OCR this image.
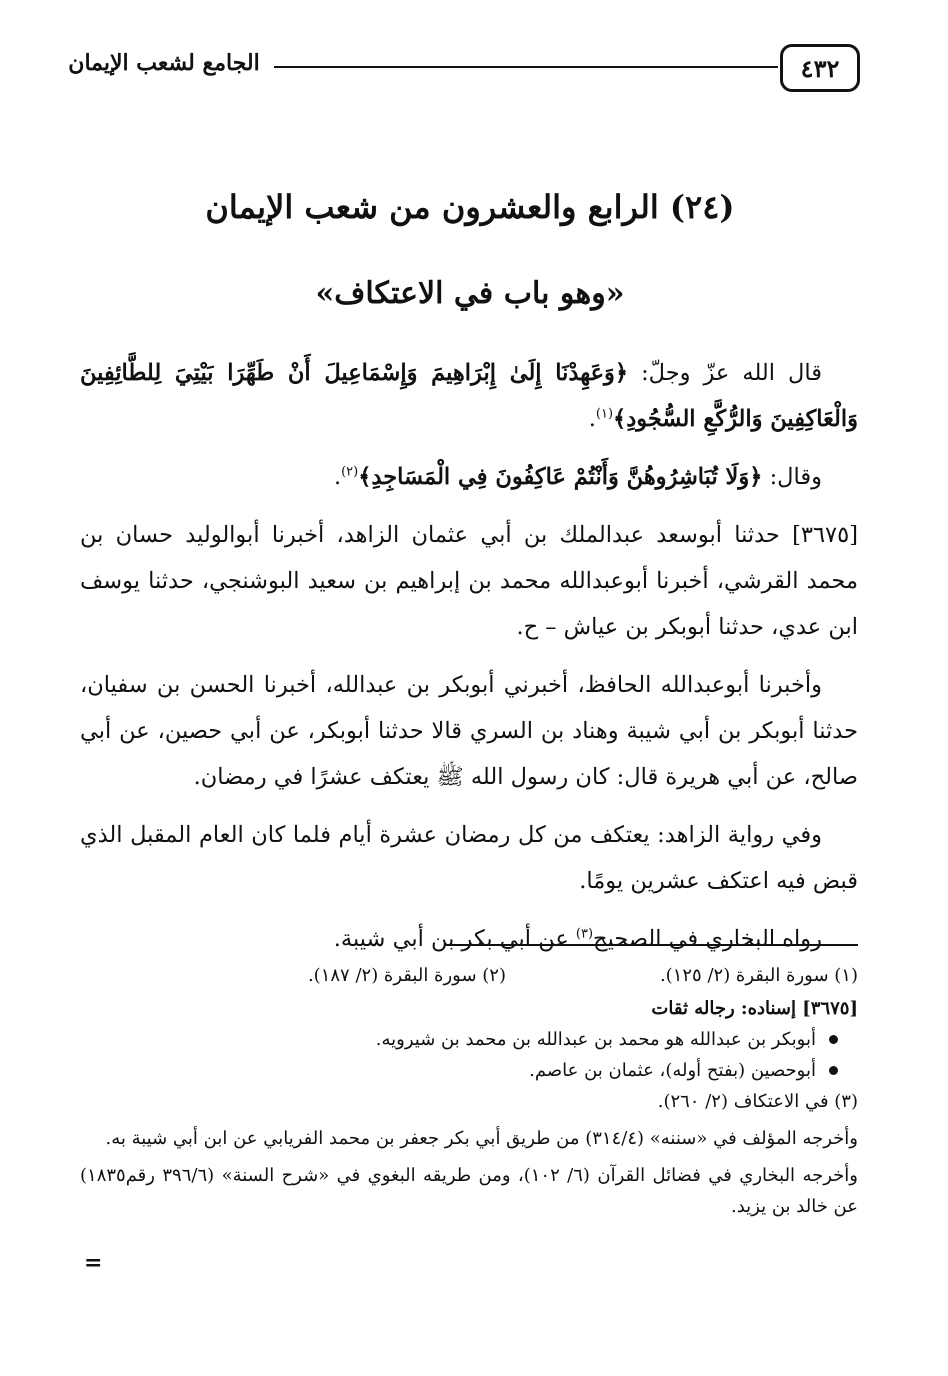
٤٣٢
الجامع لشعب الإيمان
(٢٤) الرابع والعشرون من شعب الإيمان
«وهو باب في الاعتكاف»

قال الله عزّ وجلّ: ﴿وَعَهِدْنَا إِلَىٰ إِبْرَاهِيمَ وَإِسْمَاعِيلَ أَنْ طَهِّرَا بَيْتِيَ لِلطَّائِفِينَ وَالْعَاكِفِينَ وَالرُّكَّعِ السُّجُودِ﴾$^{(١)}$.

وقال: ﴿وَلَا تُبَاشِرُوهُنَّ وَأَنْتُمْ عَاكِفُونَ فِي الْمَسَاجِدِ﴾$^{(٢)}$.

[٣٦٧٥] حدثنا أبوسعد عبدالملك بن أبي عثمان الزاهد، أخبرنا أبوالوليد حسان بن محمد القرشي، أخبرنا أبوعبدالله محمد بن إبراهيم بن سعيد البوشنجي، حدثنا يوسف ابن عدي، حدثنا أبوبكر بن عياش – ح.

وأخبرنا أبوعبدالله الحافظ، أخبرني أبوبكر بن عبدالله، أخبرنا الحسن بن سفيان، حدثنا أبوبكر بن أبي شيبة وهناد بن السري قالا حدثنا أبوبكر، عن أبي حصين، عن أبي صالح، عن أبي هريرة قال: كان رسول الله ﷺ يعتكف عشرًا في رمضان.

وفي رواية الزاهد: يعتكف من كل رمضان عشرة أيام فلما كان العام المقبل الذي قبض فيه اعتكف عشرين يومًا.

رواه البخاري في الصحيح$^{(٣)}$ عن أبي بكر بن أبي شيبة.

(١) سورة البقرة (٢/ ١٢٥).
(٢) سورة البقرة (٢/ ١٨٧).

[٣٦٧٥] إسناده: رجاله ثقات

أبوبكر بن عبدالله هو محمد بن عبدالله بن محمد بن شيرويه.
أبوحصين (بفتح أوله)، عثمان بن عاصم.

(٣) في الاعتكاف (٢/ ٢٦٠).

وأخرجه المؤلف في «سننه» (٣١٤/٤) من طريق أبي بكر جعفر بن محمد الفريابي عن ابن أبي شيبة به.

وأخرجه البخاري في فضائل القرآن (٦/ ١٠٢)، ومن طريقه البغوي في «شرح السنة» (٣٩٦/٦ رقم١٨٣٥) عن خالد بن يزيد.

=
